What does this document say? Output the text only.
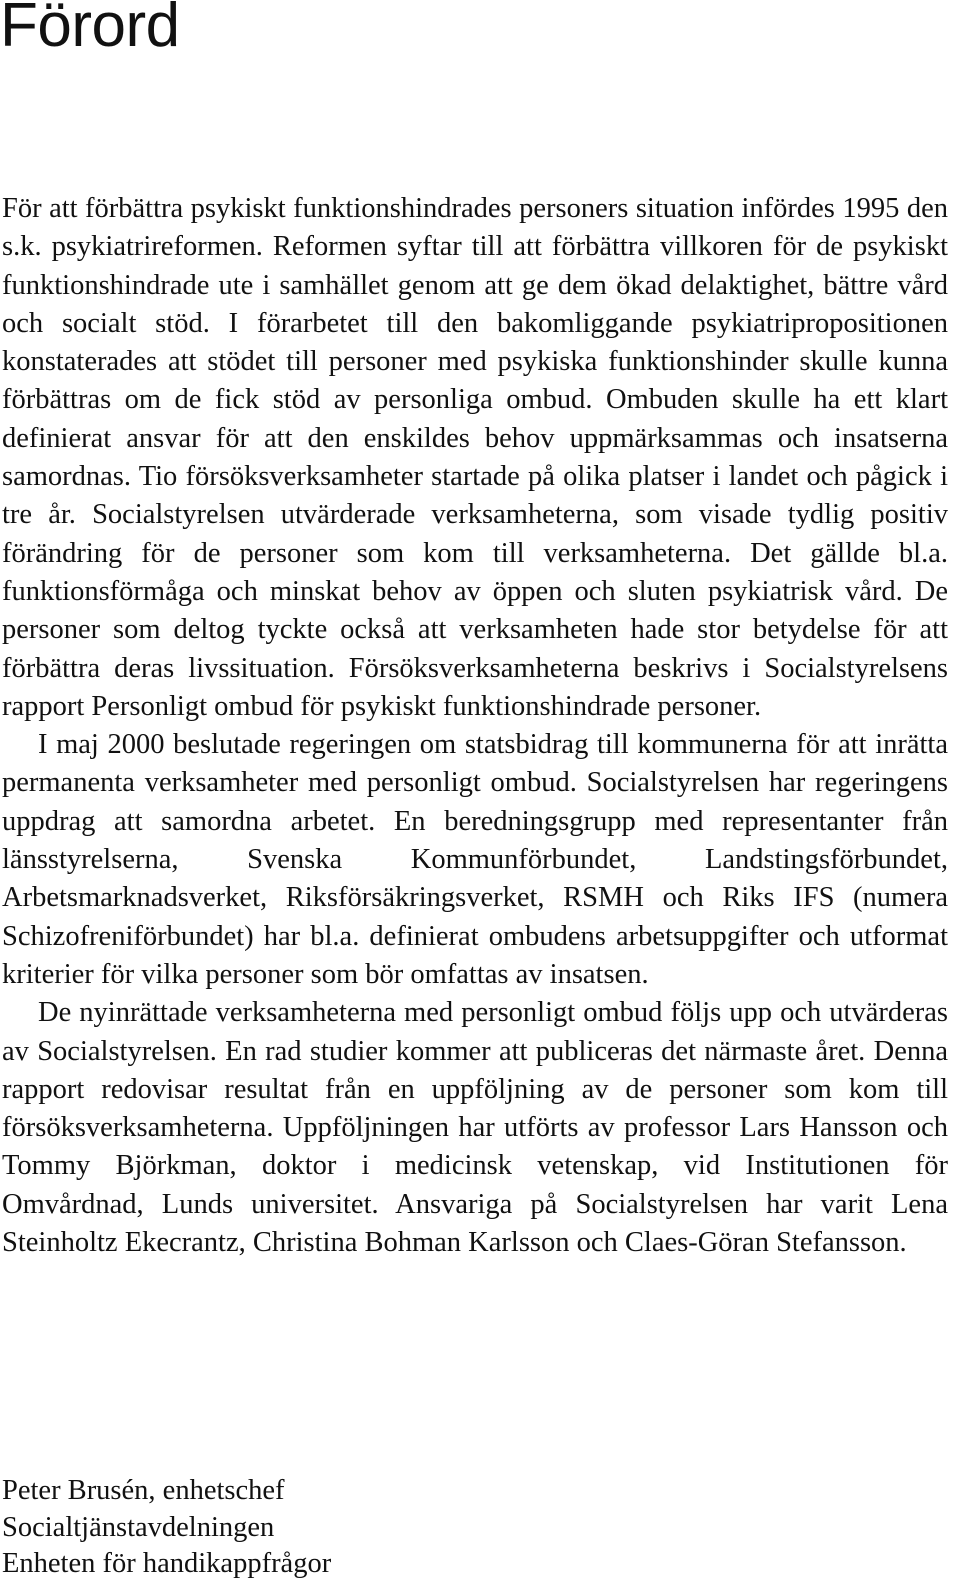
Förord

För att förbättra psykiskt funktionshindrades personers situation infördes 1995 den s.k. psykiatrireformen. Reformen syftar till att förbättra villkoren för de psykiskt funktionshindrade ute i samhället genom att ge dem ökad delaktighet, bättre vård och socialt stöd. I förarbetet till den bakomliggande psykiatripropositionen konstaterades att stödet till personer med psykiska funktionshinder skulle kunna förbättras om de fick stöd av personliga ombud. Ombuden skulle ha ett klart definierat ansvar för att den enskildes behov uppmärksammas och insatserna samordnas. Tio försöksverksamheter startade på olika platser i landet och pågick i tre år. Socialstyrelsen utvärderade verksamheterna, som visade tydlig positiv förändring för de personer som kom till verksamheterna. Det gällde bl.a. funktionsförmåga och minskat behov av öppen och sluten psykiatrisk vård. De personer som deltog tyckte också att verksamheten hade stor betydelse för att förbättra deras livssituation. Försöksverksamheterna beskrivs i Socialstyrelsens rapport Personligt ombud för psykiskt funktionshindrade personer.

I maj 2000 beslutade regeringen om statsbidrag till kommunerna för att inrätta permanenta verksamheter med personligt ombud. Socialstyrelsen har regeringens uppdrag att samordna arbetet. En beredningsgrupp med representanter från länsstyrelserna, Svenska Kommunförbundet, Landstingsförbundet, Arbetsmarknadsverket, Riksförsäkringsverket, RSMH och Riks IFS (numera Schizofreniförbundet) har bl.a. definierat ombudens arbetsuppgifter och utformat kriterier för vilka personer som bör omfattas av insatsen.

De nyinrättade verksamheterna med personligt ombud följs upp och utvärderas av Socialstyrelsen. En rad studier kommer att publiceras det närmaste året. Denna rapport redovisar resultat från en uppföljning av de personer som kom till försöksverksamheterna. Uppföljningen har utförts av professor Lars Hansson och Tommy Björkman, doktor i medicinsk vetenskap, vid Institutionen för Omvårdnad, Lunds universitet. Ansvariga på Socialstyrelsen har varit Lena Steinholtz Ekecrantz, Christina Bohman Karlsson och Claes-Göran Stefansson.

Peter Brusén, enhetschef
Socialtjänstavdelningen
Enheten för handikappfrågor
